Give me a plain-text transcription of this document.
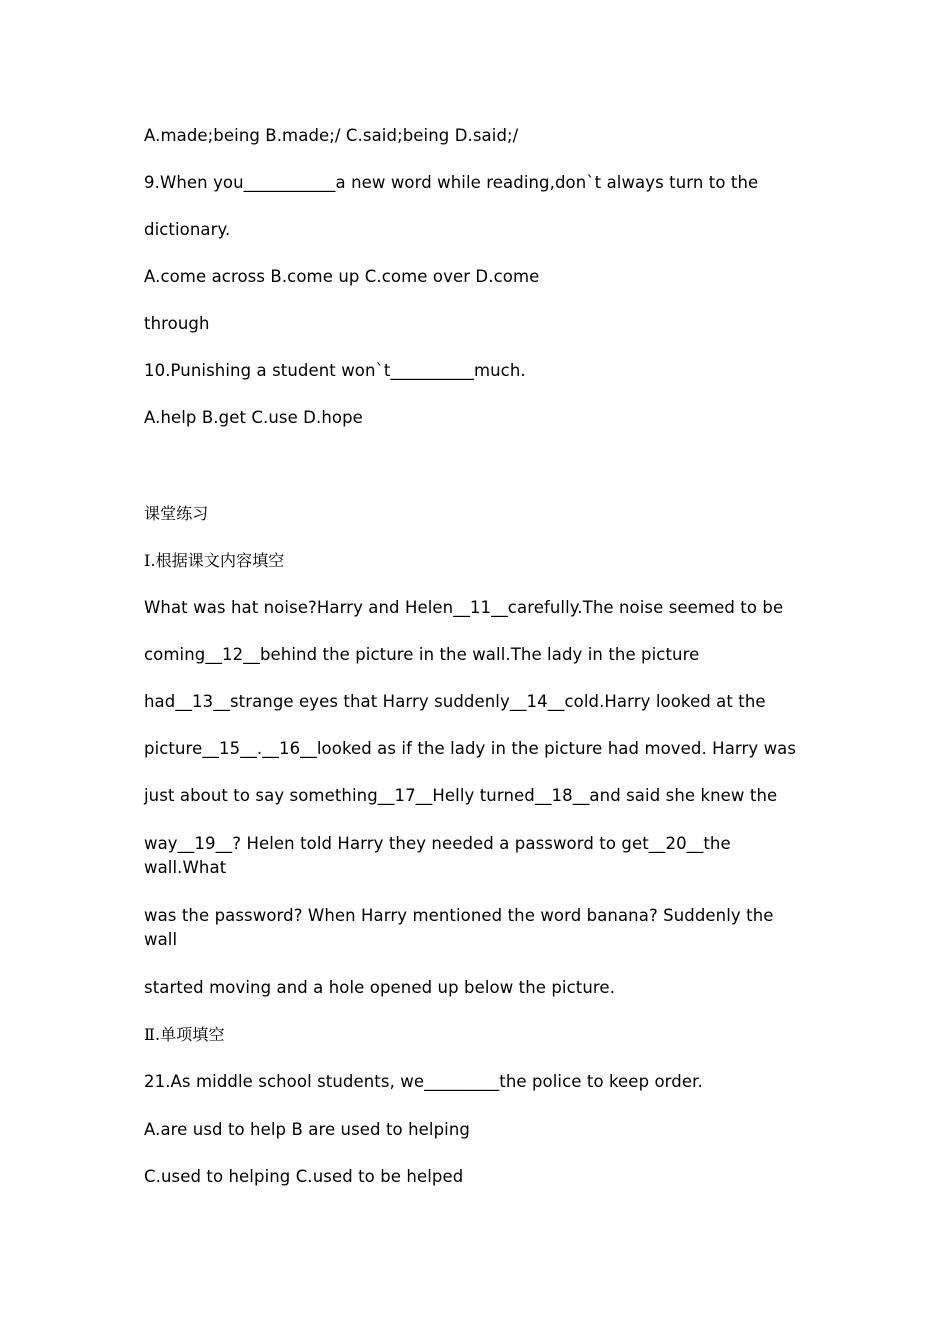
A.made;being B.made;/ C.said;being D.said;/
9.When you___________a new word while reading,don`t always turn to the
dictionary.
A.come across B.come up C.come over D.come
through
10.Punishing a student won`t__________much.
A.help B.get C.use D.hope
课堂练习
I.根据课文内容填空
What was hat noise?Harry and Helen__11__carefully.The noise seemed to be
coming__12__behind the picture in the wall.The lady in the picture
had__13__strange eyes that Harry suddenly__14__cold.Harry looked at the
picture__15__.__16__looked as if the lady in the picture had moved. Harry was
just about to say something__17__Helly turned__18__and said she knew the
way__19__? Helen told Harry they needed a password to get__20__the wall.What
was the password? When Harry mentioned the word banana? Suddenly the wall
started moving and a hole opened up below the picture.
Ⅱ.单项填空
21.As middle school students, we_________the police to keep order.
A.are usd to help B are used to helping
C.used to helping C.used to be helped
